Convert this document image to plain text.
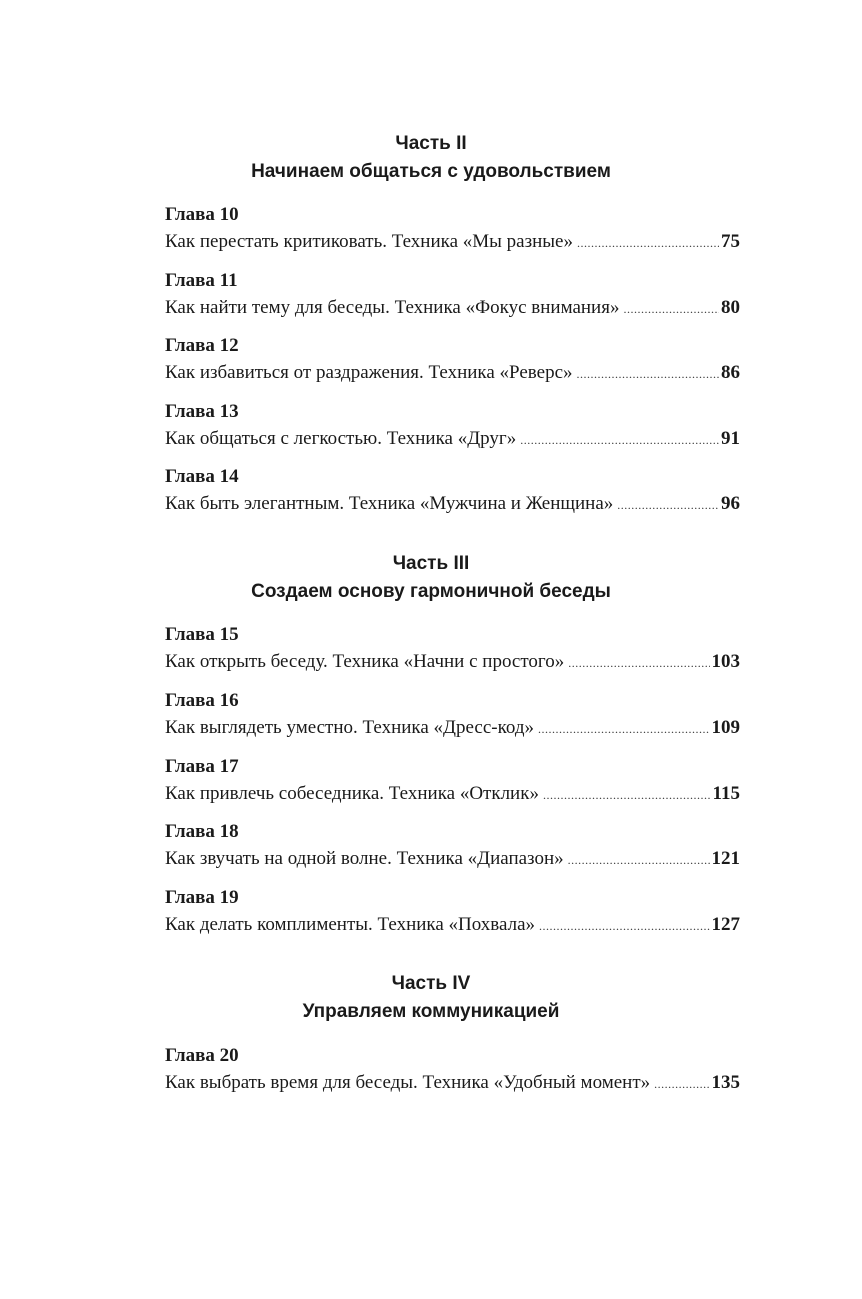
Часть II
Начинаем общаться с удовольствием
Глава 10
Как перестать критиковать. Техника «Мы разные» .....	75
Глава 11
Как найти тему для беседы. Техника «Фокус внимания» .....	80
Глава 12
Как избавиться от раздражения. Техника «Реверс» .....	86
Глава 13
Как общаться с легкостью. Техника «Друг» .....	91
Глава 14
Как быть элегантным. Техника «Мужчина и Женщина» .....	96
Часть III
Создаем основу гармоничной беседы
Глава 15
Как открыть беседу. Техника «Начни с простого» .....	103
Глава 16
Как выглядеть уместно. Техника «Дресс-код» .....	109
Глава 17
Как привлечь собеседника. Техника «Отклик» .....	115
Глава 18
Как звучать на одной волне. Техника «Диапазон» .....	121
Глава 19
Как делать комплименты. Техника «Похвала» .....	127
Часть IV
Управляем коммуникацией
Глава 20
Как выбрать время для беседы. Техника «Удобный момент» .....	135
